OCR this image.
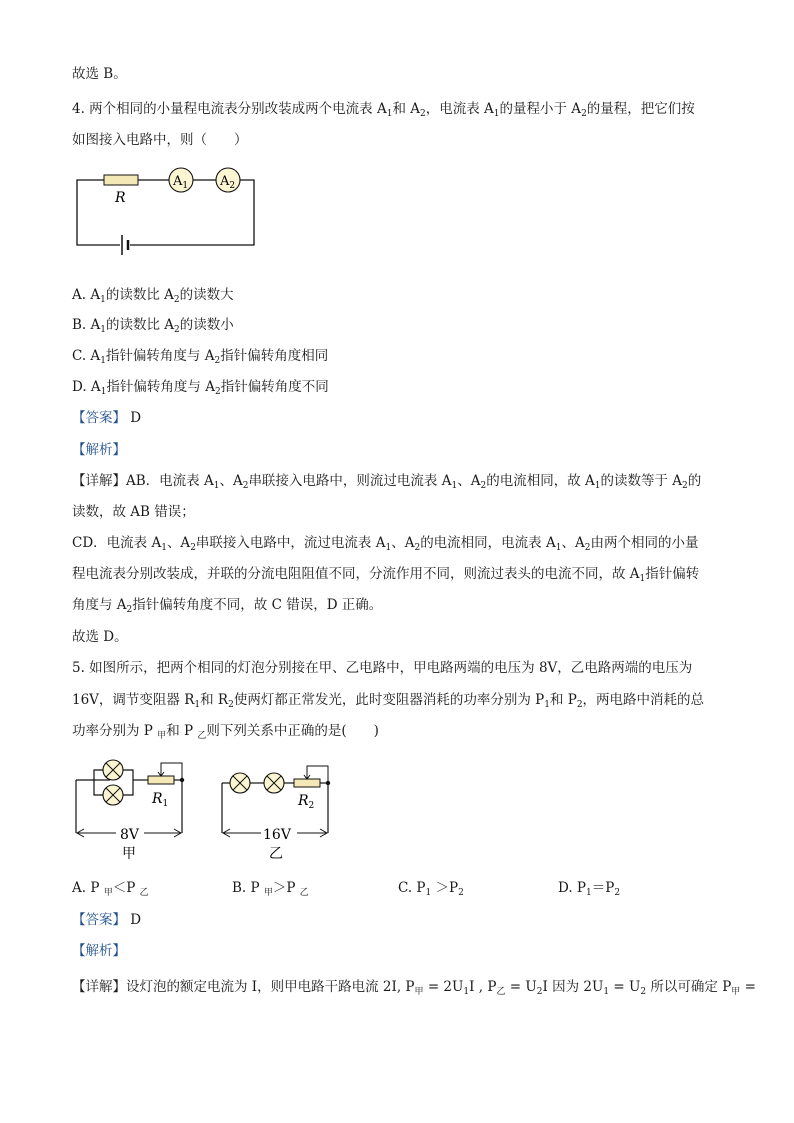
故选 B。
4. 两个相同的小量程电流表分别改装成两个电流表 $A_1$和 $A_2$，电流表 $A_1$的量程小于 $A_2$的量程，把它们按
如图接入电路中，则（　　）
R
$A_1$ $A_2$
A. $A_1$的读数比 $A_2$的读数大
B. $A_1$的读数比 $A_2$的读数小
C. $A_1$指针偏转角度与 $A_2$指针偏转角度相同
D. $A_1$指针偏转角度与 $A_2$指针偏转角度不同
【答案】 D
【解析】
【详解】AB．电流表 $A_1$、$A_2$串联接入电路中，则流过电流表 $A_1$、$A_2$的电流相同，故 $A_1$的读数等于 $A_2$的
读数，故 AB 错误；
CD．电流表 $A_1$、$A_2$串联接入电路中，流过电流表 $A_1$、$A_2$的电流相同，电流表 $A_1$、$A_2$由两个相同的小量
程电流表分别改装成，并联的分流电阻阻值不同，分流作用不同，则流过表头的电流不同，故 $A_1$指针偏转
角度与 $A_2$指针偏转角度不同，故 C 错误，D 正确。
故选 D。
5. 如图所示，把两个相同的灯泡分别接在甲、乙电路中，甲电路两端的电压为 8V，乙电路两端的电压为
16V，调节变阻器 $R_1$和 $R_2$使两灯都正常发光，此时变阻器消耗的功率分别为 $P_1$和 $P_2$，两电路中消耗的总
功率分别为 P $_甲$和 P $_乙$则下列关系中正确的是(　　)
$R_1$
8V
甲
$R_2$
16V
乙
A. P $_甲$＜P $_乙$	B. P $_甲$＞P $_乙$	C. $P_1 >P_2$	D. $P_1=P_2$
【答案】 D
【解析】
【详解】设灯泡的额定电流为 I，则甲电路干路电流 2I, $P_甲 = 2U_1I$ , $P_乙 = U_2I$ 因为 $2U_1 = U_2$ 所以可确定 $P_甲$ =
